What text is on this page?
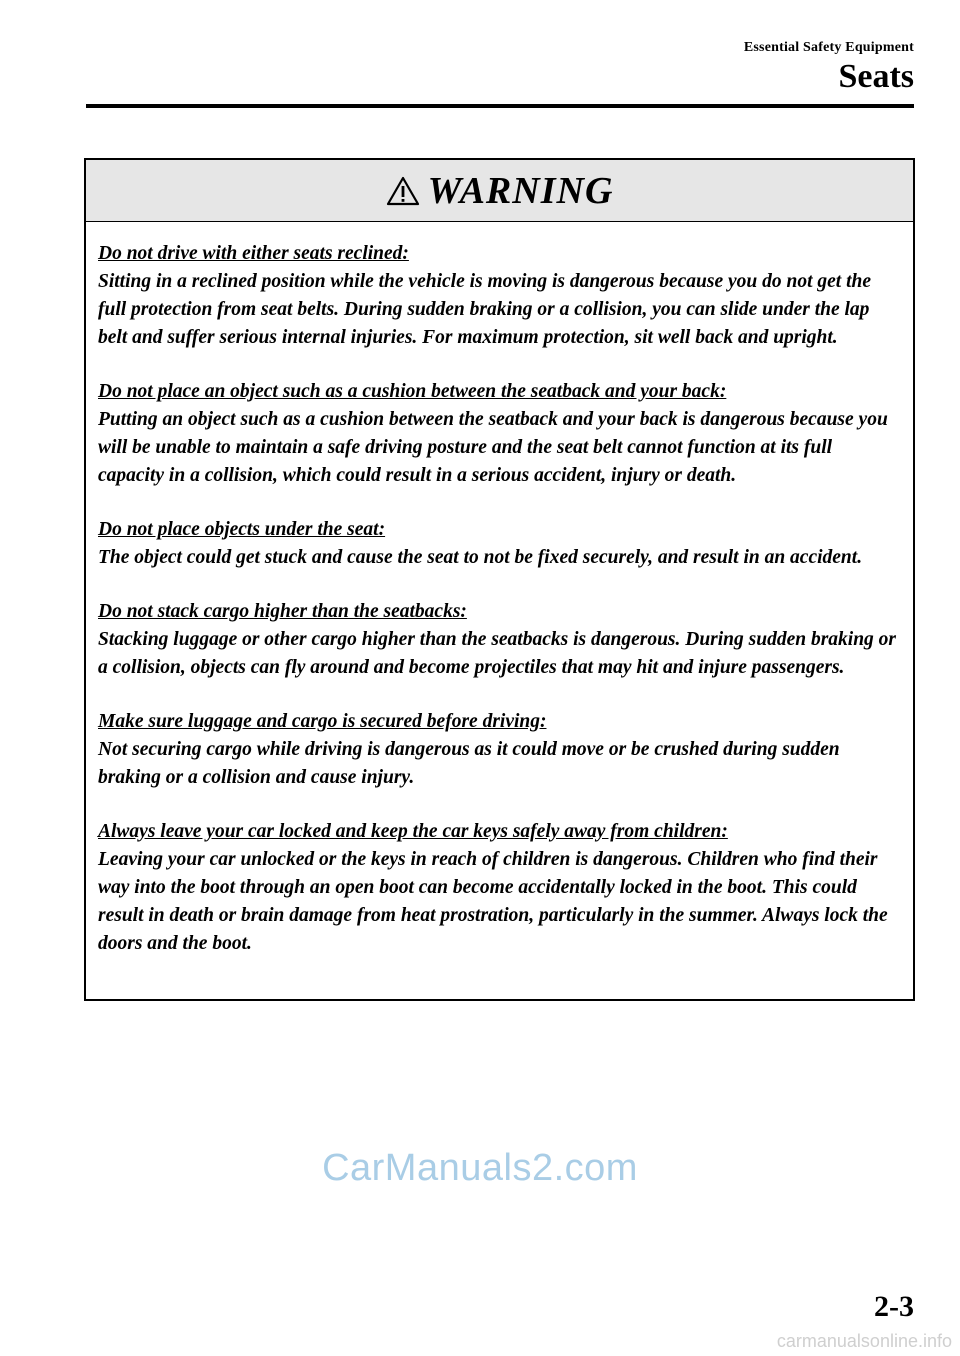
Essential Safety Equipment
Seats
WARNING
Do not drive with either seats reclined:
Sitting in a reclined position while the vehicle is moving is dangerous because you do not get the full protection from seat belts. During sudden braking or a collision, you can slide under the lap belt and suffer serious internal injuries. For maximum protection, sit well back and upright.
Do not place an object such as a cushion between the seatback and your back:
Putting an object such as a cushion between the seatback and your back is dangerous because you will be unable to maintain a safe driving posture and the seat belt cannot function at its full capacity in a collision, which could result in a serious accident, injury or death.
Do not place objects under the seat:
The object could get stuck and cause the seat to not be fixed securely, and result in an accident.
Do not stack cargo higher than the seatbacks:
Stacking luggage or other cargo higher than the seatbacks is dangerous. During sudden braking or a collision, objects can fly around and become projectiles that may hit and injure passengers.
Make sure luggage and cargo is secured before driving:
Not securing cargo while driving is dangerous as it could move or be crushed during sudden braking or a collision and cause injury.
Always leave your car locked and keep the car keys safely away from children:
Leaving your car unlocked or the keys in reach of children is dangerous. Children who find their way into the boot through an open boot can become accidentally locked in the boot. This could result in death or brain damage from heat prostration, particularly in the summer. Always lock the doors and the boot.
CarManuals2.com
2-3
carmanualsonline.info
